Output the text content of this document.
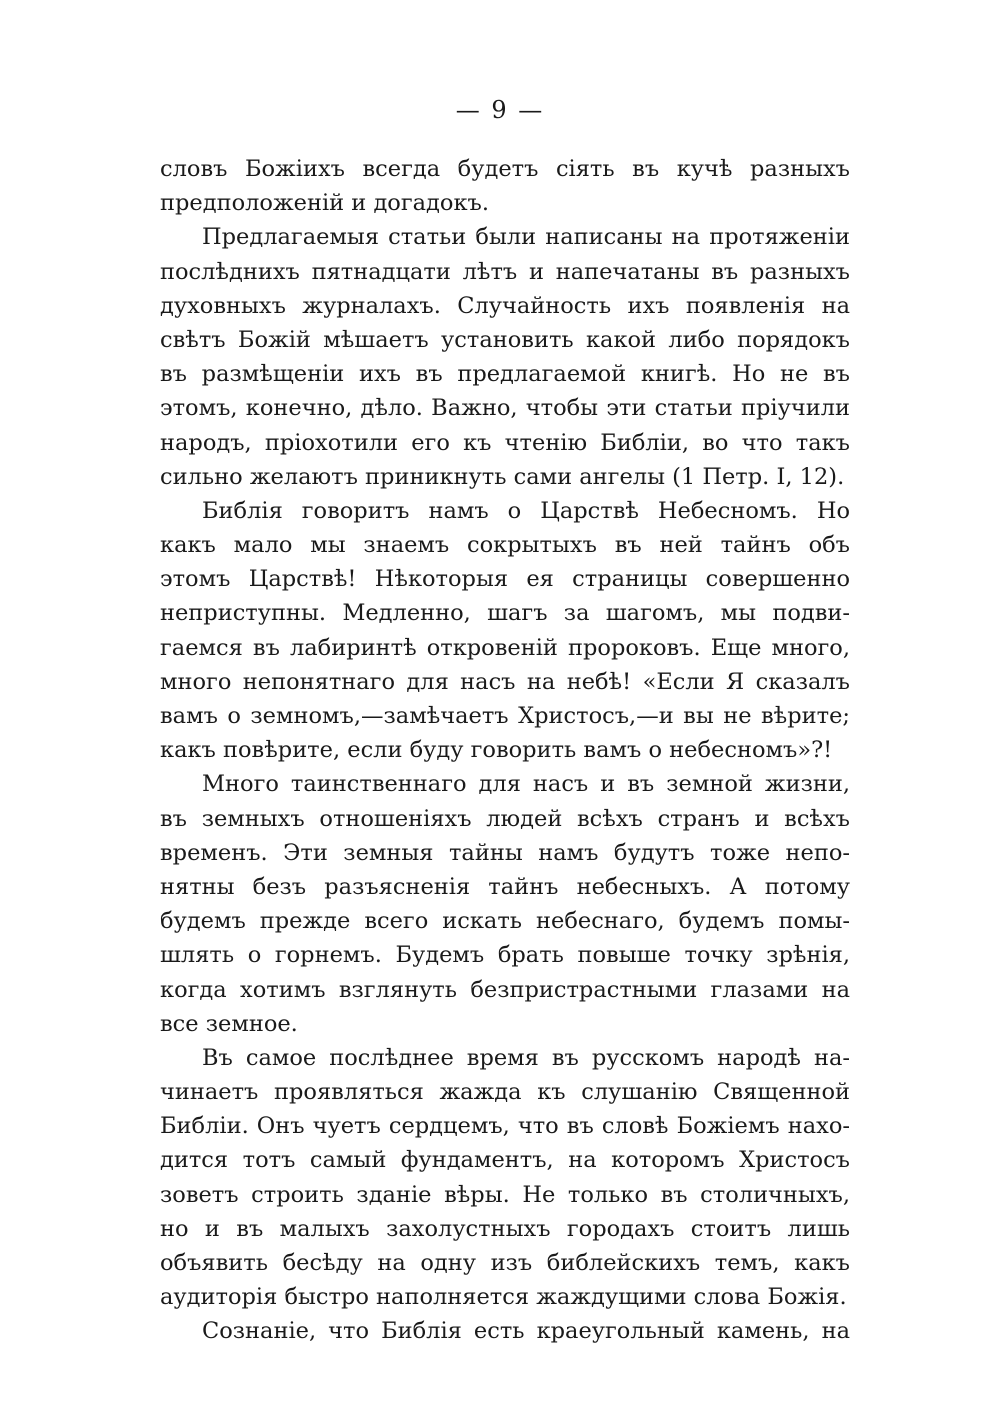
— 9 —
словъ Божіихъ всегда будетъ сіять въ кучѣ разныхъ
предположеній и догадокъ.
Предлагаемыя статьи были написаны на протяженіи
послѣднихъ пятнадцати лѣтъ и напечатаны въ разныхъ
духовныхъ журналахъ. Случайность ихъ появленія на
свѣтъ Божій мѣшаетъ установить какой либо порядокъ
въ размѣщеніи ихъ въ предлагаемой книгѣ. Но не въ
этомъ, конечно, дѣло. Важно, чтобы эти статьи пріучили
народъ, пріохотили его къ чтенію Библіи, во что такъ
сильно желаютъ приникнуть сами ангелы (1 Петр. I, 12).
Библія говоритъ намъ о Царствѣ Небесномъ. Но
какъ мало мы знаемъ сокрытыхъ въ ней тайнъ объ
этомъ Царствѣ! Нѣкоторыя ея страницы совершенно
неприступны. Медленно, шагъ за шагомъ, мы подви-
гаемся въ лабиринтѣ откровеній пророковъ. Еще много,
много непонятнаго для насъ на небѣ! «Если Я сказалъ
вамъ о земномъ,—замѣчаетъ Христосъ,—и вы не вѣрите;
какъ повѣрите, если буду говорить вамъ о небесномъ»?!
Много таинственнаго для насъ и въ земной жизни,
въ земныхъ отношеніяхъ людей всѣхъ странъ и всѣхъ
временъ. Эти земныя тайны намъ будутъ тоже непо-
нятны безъ разъясненія тайнъ небесныхъ. А потому
будемъ прежде всего искать небеснаго, будемъ помы-
шлять о горнемъ. Будемъ брать повыше точку зрѣнія,
когда хотимъ взглянуть безпристрастными глазами на
все земное.
Въ самое послѣднее время въ русскомъ народѣ на-
чинаетъ проявляться жажда къ слушанію Священной
Библіи. Онъ чуетъ сердцемъ, что въ словѣ Божіемъ нахо-
дится тотъ самый фундаментъ, на которомъ Христосъ
зоветъ строить зданіе вѣры. Не только въ столичныхъ,
но и въ малыхъ захолустныхъ городахъ стоитъ лишь
объявить бесѣду на одну изъ библейскихъ темъ, какъ
аудиторія быстро наполняется жаждущими слова Божія.
Сознаніе, что Библія есть краеугольный камень, на
